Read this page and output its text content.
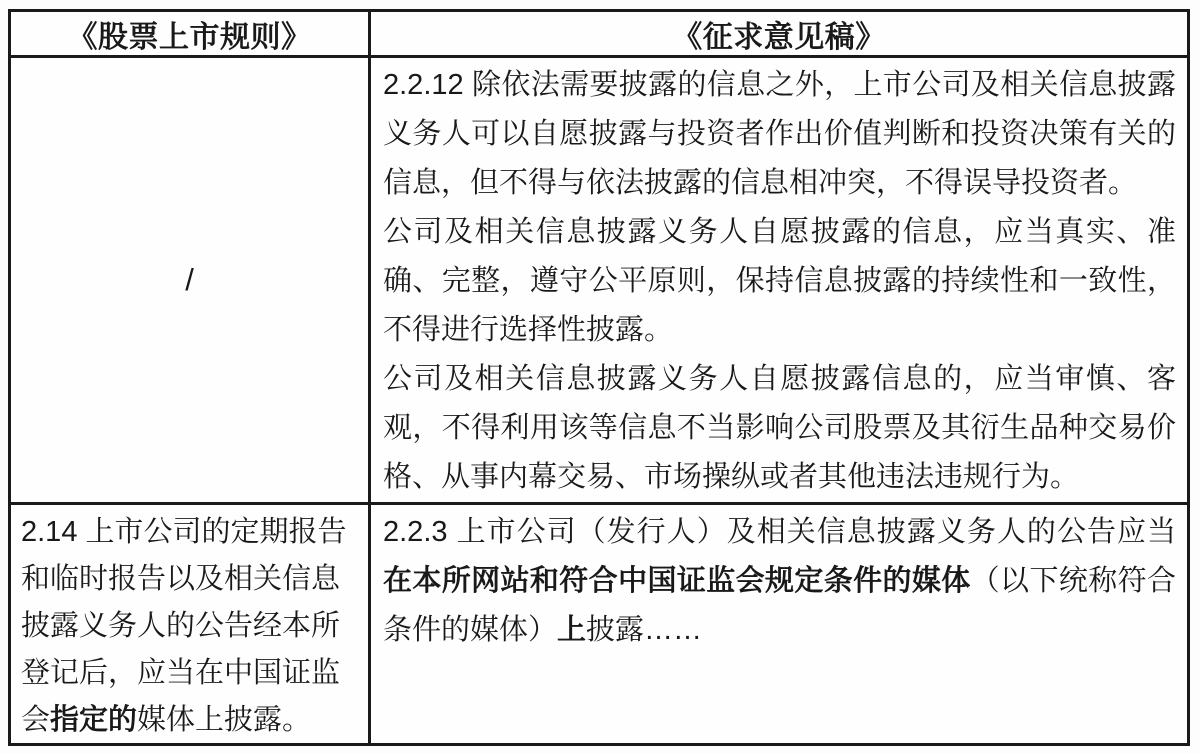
《股票上市规则》	《征求意见稿》
/

2.2.12 除依法需要披露的信息之外，上市公司及相关信息披露义务人可以自愿披露与投资者作出价值判断和投资决策有关的信息，但不得与依法披露的信息相冲突，不得误导投资者。

公司及相关信息披露义务人自愿披露的信息，应当真实、准确、完整，遵守公平原则，保持信息披露的持续性和一致性，不得进行选择性披露。

公司及相关信息披露义务人自愿披露信息的，应当审慎、客观，不得利用该等信息不当影响公司股票及其衍生品种交易价格、从事内幕交易、市场操纵或者其他违法违规行为。

2.14 上市公司的定期报告和临时报告以及相关信息披露义务人的公告经本所登记后，应当在中国证监会指定的媒体上披露。

2.2.3 上市公司（发行人）及相关信息披露义务人的公告应当在本所网站和符合中国证监会规定条件的媒体（以下统称符合条件的媒体）上披露……
